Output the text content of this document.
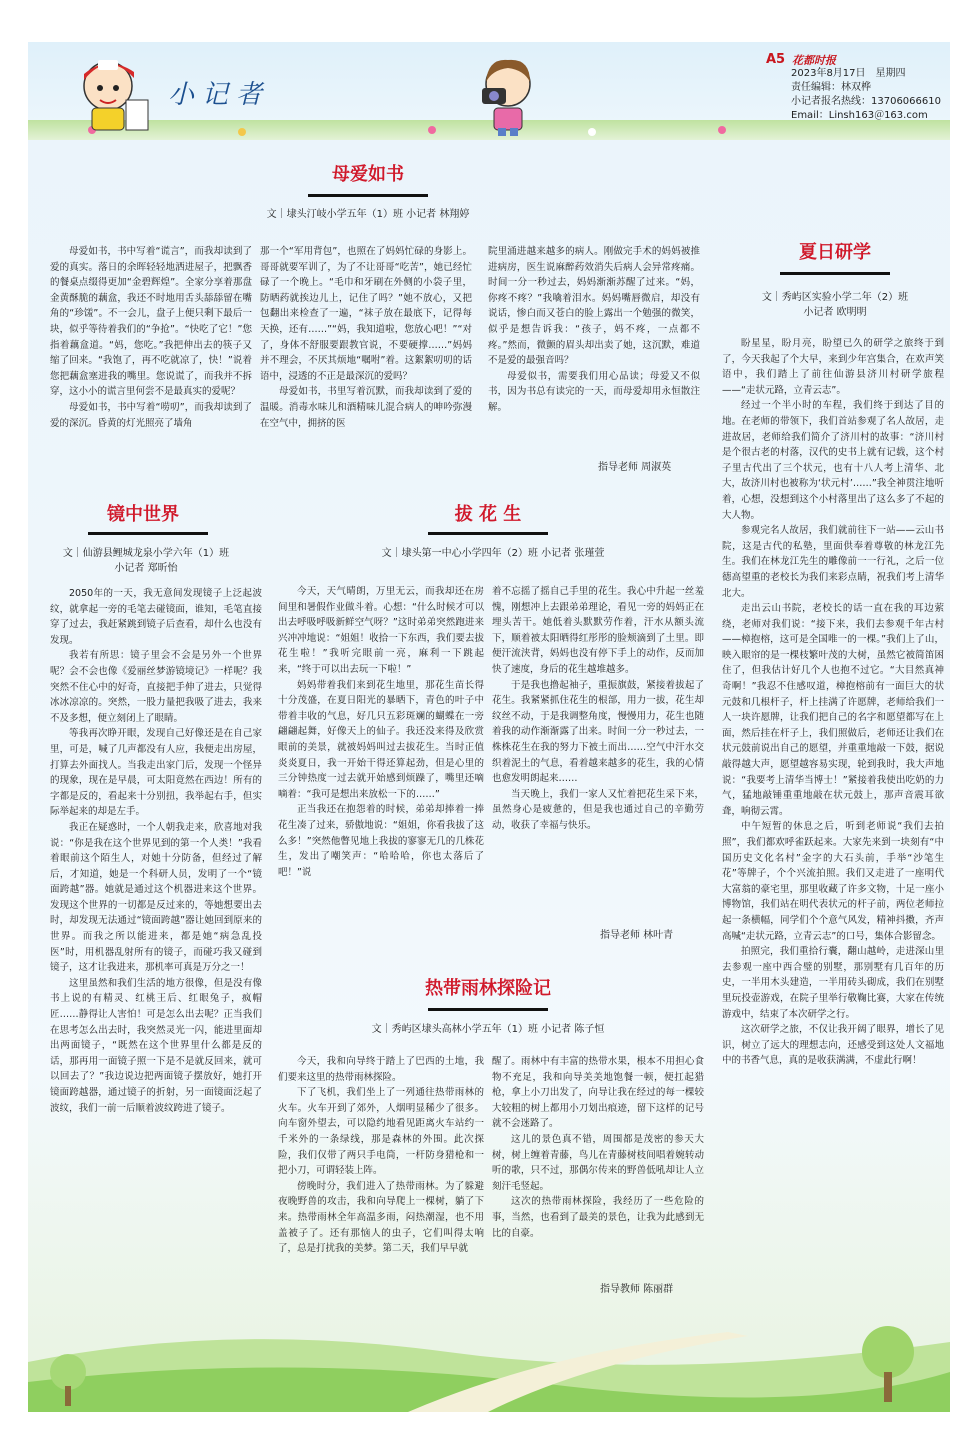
小记者
A5 花都时报
2023年8月17日　星期四
责任编辑：林双桦
小记者报名热线：13706066610
Email：Linsh163＠163.com
母爱如书
文｜埭头汀岐小学五年（1）班 小记者 林翔婷

母爱如书，书中写着“谎言”，而我却读到了爱的真实。落日的余晖轻轻地洒进屋子，把飘香的餐桌点缀得更加“金碧辉煌”。全家分享着那盘金黄酥脆的藕盒，我还不时地用舌头舔舔留在嘴角的“珍馐”。不一会儿，盘子上便只剩下最后一块，似乎等待着我们的“争抢”。“快吃了它！”您指着藕盒道。“妈，您吃。”我把伸出去的筷子又缩了回来。“我饱了，再不吃就凉了，快！”说着您把藕盒塞进我的嘴里。您说谎了，而我并不拆穿，这小小的谎言里何尝不是最真实的爱呢？

母爱如书，书中写着“唠叨”，而我却读到了爱的深沉。昏黄的灯光照亮了墙角

那一个“军用背包”，也照在了妈妈忙碌的身影上。哥哥就要军训了，为了不让哥哥“吃苦”，她已经忙碌了一个晚上。“毛巾和牙刷在外侧的小袋子里，防晒药就挨边儿上，记住了吗？”她不放心，又把包翻出来检查了一遍，“袜子放在最底下，记得每天换，还有……”“妈，我知道啦，您放心吧！”“对了，身体不舒服要跟教官说，不要硬撑……”妈妈并不理会，不厌其烦地“嘱咐”着。这絮絮叨叨的话语中，浸透的不正是最深沉的爱吗？

母爱如书，书里写着沉默，而我却读到了爱的温暖。消毒水味儿和酒精味儿混合病人的呻吟弥漫在空气中，拥挤的医

院里涌进越来越多的病人。刚做完手术的妈妈被推进病房，医生说麻醉药效消失后病人会异常疼痛。时间一分一秒过去，妈妈渐渐苏醒了过来。“妈，你疼不疼？”我噙着泪水。妈妈嘴唇微启，却没有说话，惨白而又苍白的脸上露出一个勉强的微笑，似乎是想告诉我：“孩子，妈不疼，一点都不疼。”然而，微颤的眉头却出卖了她，这沉默，难道不是爱的最强音吗？

母爱似书，需要我们用心品读；母爱又不似书，因为书总有读完的一天，而母爱却用永恒散注解。

指导老师 周淑英
夏日研学
文｜秀屿区实验小学二年（2）班
小记者 欧明明

盼星星，盼月亮，盼望已久的研学之旅终于到了，今天我起了个大早，来到少年宫集合，在欢声笑语中，我们踏上了前往仙游县济川村研学旅程——“走状元路，立青云志”。

经过一个半小时的车程，我们终于到达了目的地。在老师的带领下，我们首站参观了名人故居，走进故居，老师给我们简介了济川村的故事：“济川村是个很古老的村落，汉代的史书上就有记载，这个村子里古代出了三个状元，也有十八人考上清华、北大，故济川村也被称为‘状元村’……”我全神贯注地听着，心想，没想到这个小村落里出了这么多了不起的大人物。

参观完名人故居，我们就前往下一站——云山书院，这是古代的私塾，里面供奉着尊敬的林龙江先生。我们在林龙江先生的雕像前一一行礼，之后一位德高望重的老校长为我们来彩点睛，祝我们考上清华北大。

走出云山书院，老校长的话一直在我的耳边萦绕，老师对我们说：“接下来，我们去参观千年古村——樟抱榕，这可是全国唯一的一棵。”我们上了山，映入眼帘的是一棵枝繁叶茂的大树，虽然它被简笛困住了，但我估计好几个人也抱不过它。“大目然真神奇啊！”我忍不住感叹道，樟抱榕前有一面巨大的状元鼓和几根杆子，杆上挂满了许愿牌，老师给我们一人一块许愿牌，让我们把自己的名字和愿望都写在上面，然后挂在杆子上，我们照做后，老师还让我们在状元鼓前说出自己的愿望，并重重地敲一下鼓，据说敲得越大声，愿望越容易实现，轮到我时，我大声地说：“我要考上清华当博士！”紧接着我使出吃奶的力气，猛地敲锤重重地敲在状元鼓上，那声音震耳欲聋，响彻云霄。

中午短暂的休息之后，听到老师说“我们去拍照”，我们都欢呼雀跃起来。大家先来到一块刻有“中国历史文化名村”金字的大石头前，手举“沙笔生花”等牌子，个个兴流拍照。我们又走进了一座明代大富翁的豪宅里，那里收藏了许多文物，十足一座小博物馆，我们站在明代表状元的杆子前，两位老师拉起一条横幅，同学们个个意气风发，精神抖擞，齐声高喊“走状元路，立青云志”的口号，集体合影留念。

拍照完，我们重拾行囊，翻山越岭，走进深山里去参观一座中西合璧的别墅，那别墅有几百年的历史，一半用木头建造，一半用砖头砌成，我们在别墅里玩投壶游戏，在院子里举行敬鞠比赛，大家在传统游戏中，结束了本次研学之行。

这次研学之旅，不仅让我开阔了眼界，增长了见识，树立了远大的理想志向，还感受到这处人文福地中的书香气息，真的是收获满满，不虚此行啊！

镜中世界
文｜仙游县鲤城龙泉小学六年（1）班
小记者 郑昕怡

2050年的一天，我无意间发现镜子上泛起波纹，就拿起一旁的毛笔去碰镜面，谁知，毛笔直接穿了过去，我赶紧跳到镜子后查看，却什么也没有发现。

我若有所思：镜子里会不会是另外一个世界呢？会不会也像《爱丽丝梦游镜境记》一样呢？我突然不住心中的好奇，直接把手伸了进去，只觉得冰冰凉凉的。突然，一股力量把我吸了进去，我来不及多想，便立刻闭上了眼睛。

等我再次睁开眼，发现自己好像还是在自己家里，可是，喊了几声都没有人应，我便走出房屋，打算去外面找人。当我走出家门后，发现一个怪异的现象，现在是早晨，可太阳竟然在西边！所有的字都是反的，看起来十分别扭，我举起右手，但实际举起来的却是左手。

我正在疑惑时，一个人朝我走来，欣喜地对我说：“你是我在这个世界见到的第一个人类！”我看着眼前这个陌生人，对她十分防备，但经过了解后，才知道，她是一个科研人员，发明了一个“镜面跨越”器。她就是通过这个机器进来这个世界。发现这个世界的一切都是反过来的，等她想要出去时，却发现无法通过“镜面跨越”器让她回到原来的世界。而我之所以能进来，都是她“病急乱投医”时，用机器乱射所有的镜子，而碰巧我又碰到镜子，这才让我进来，那机率可真是万分之一！

这里虽然和我们生活的地方很像，但是没有像书上说的有精灵、红桃王后、红眼兔子，疯帽匠……静得让人害怕！可是怎么出去呢？正当我们在思考怎么出去时，我突然灵光一闪，能进里面却出两面镜子，“既然在这个世界里什么都是反的话，那再用一面镜子照一下是不是就反回来，就可以回去了？”我边说边把两面镜子摆放好，她打开镜面跨越器，通过镜子的折射，另一面镜面泛起了波纹，我们一前一后顺着波纹跨进了镜子。

拔 花 生
文｜埭头第一中心小学四年（2）班 小记者 张瑾萱

今天，天气晴朗，万里无云，而我却还在房间里和暑假作业做斗着。心想：“什么时候才可以出去呼吸呼吸新鲜空气呀？”这时弟弟突然跑进来兴冲冲地说：“姐姐！收拾一下东西，我们要去拔花生啦！”我听完眼前一亮，麻利一下跳起来，“终于可以出去玩一下啦！”

妈妈带着我们来到花生地里，那花生苗长得十分茂盛，在夏日阳光的暴晒下，青色的叶子中带着丰收的气息，好几只五彩斑斓的蝴蝶在一旁翩翩起舞，好像天上的仙子。我还没来得及欣赏眼前的美景，就被妈妈叫过去拔花生。当时正值炎炎夏日，我一开始干得还算起劲，但是心里的三分钟热度一过去就开始感到烦躁了，嘴里还嘀嘀着：“我可是想出来放松一下的……”

正当我还在抱怨着的时候，弟弟却捧着一捧花生凑了过来，骄傲地说：“姐姐，你看我拔了这么多！”突然他瞥见地上我拔的寥寥无几的几株花生，发出了嘲笑声：“哈哈哈，你也太落后了吧！”说

着不忘摇了摇自己手里的花生。我心中升起一丝羞愧，刚想冲上去跟弟弟理论，看见一旁的妈妈正在埋头苦干。她低着头默默劳作着，汗水从额头流下，顺着被太阳晒得红彤彤的脸颊滴到了土里。即便汗流浃背，妈妈也没有停下手上的动作，反而加快了速度，身后的花生越堆越多。

于是我也撸起袖子，重振旗鼓，紧接着拔起了花生。我紧紧抓住花生的根部，用力一拔，花生却纹丝不动，于是我调整角度，慢慢用力，花生也随着我的动作渐渐露了出来。时间一分一秒过去，一株株花生在我的努力下被土而出……空气中汗水交织着泥土的气息，看着越来越多的花生，我的心情也愈发明朗起来……

当天晚上，我们一家人又忙着把花生采下来，虽然身心是疲惫的，但是我也通过自己的辛勤劳动，收获了幸福与快乐。

指导老师 林叶青
热带雨林探险记
文｜秀屿区埭头高林小学五年（1）班 小记者 陈子恒

今天，我和向导终于踏上了巴西的土地，我们要来这里的热带雨林探险。

下了飞机，我们坐上了一列通往热带雨林的火车。火车开到了郊外，人烟明显稀少了很多。向车窗外望去，可以隐约地看见距离火车站约一千米外的一条绿线，那是森林的外围。此次探险，我们仅带了两只手电筒，一杆防身猎枪和一把小刀，可谓轻装上阵。

傍晚时分，我们进入了热带雨林。为了躲避夜晚野兽的攻击，我和向导爬上一棵树，躺了下来。热带雨林全年高温多雨，闷热潮湿，也不用盖被子了。还有那恼人的虫子，它们叫得太响了，总是打扰我的美梦。第二天，我们早早就

醒了。雨林中有丰富的热带水果，根本不用担心食物不充足，我和向导美美地饱餐一顿，便扛起猎枪，拿上小刀出发了，向导让我在经过的每一棵较大较粗的树上都用小刀划出痕迹，留下这样的记号就不会迷路了。

这儿的景色真不错，周围都是茂密的参天大树，树上缠着青藤，鸟儿在青藤树枝间唱着婉转动听的歌，只不过，那偶尔传来的野兽低吼却让人立刻汗毛竖起。

这次的热带雨林探险，我经历了一些危险的事，当然，也看到了最美的景色，让我为此感到无比的自豪。

指导教师 陈丽群
